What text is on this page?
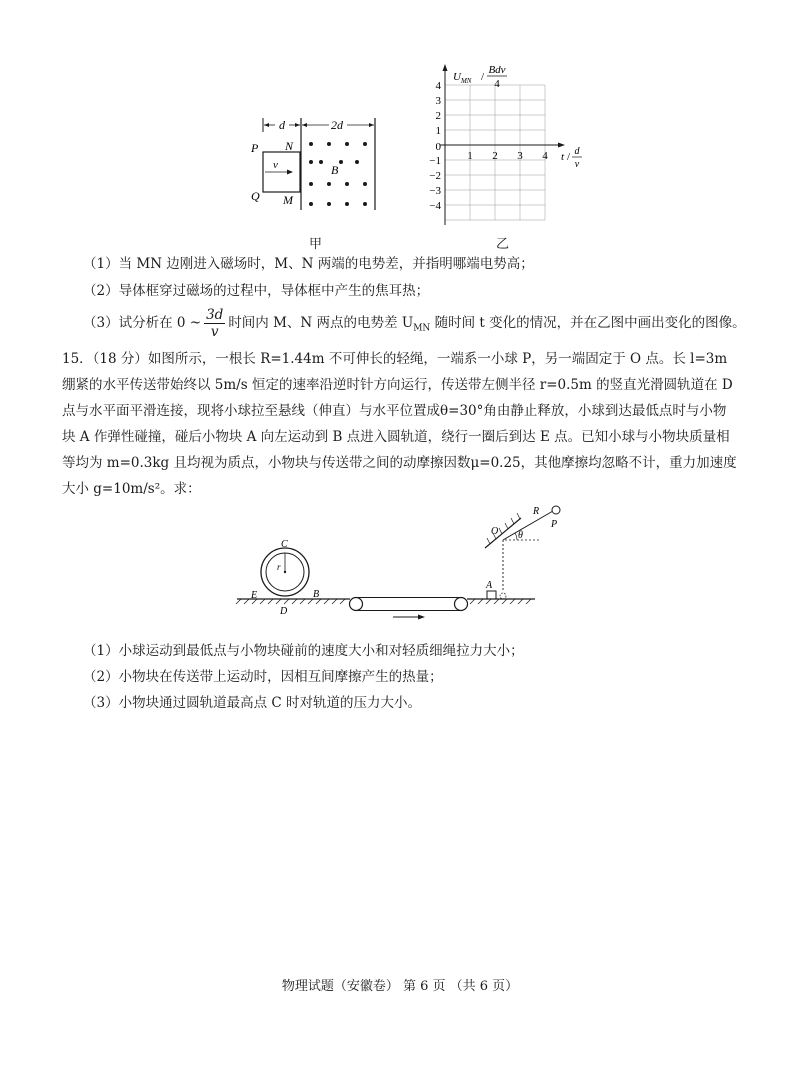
d	2d
v
P
Q
N
M
B
甲
4
3
2
1
0
−1
−2
−3
−4
1 2 3 4
$U_{MN}$ /
Bdv
4
t / d
v
乙
（1）当 MN 边刚进入磁场时，M、N 两端的电势差，并指明哪端电势高；
（2）导体框穿过磁场的过程中，导体框中产生的焦耳热；
（3）试分析在 0 ~ $\frac{3d}{v}$ 时间内 M、N 两点的电势差 $U_{MN}$ 随时间 t 变化的情况，并在乙图中画出变化的图像。
15．（18 分）如图所示，一根长 R=1.44m 不可伸长的轻绳，一端系一小球 P，另一端固定于 O 点。长 l=3m 绷紧的水平传送带始终以 5m/s 恒定的速率沿逆时针方向运行，传送带左侧半径 r=0.5m 的竖直光滑圆轨道在 D 点与水平面平滑连接，现将小球拉至悬线（伸直）与水平位置成θ=30°角由静止释放，小球到达最低点时与小物块 A 作弹性碰撞，碰后小物块 A 向左运动到 B 点进入圆轨道，绕行一圈后到达 E 点。已知小球与小物块质量相等均为 m=0.3kg 且均视为质点，小物块与传送带之间的动摩擦因数μ=0.25，其他摩擦均忽略不计，重力加速度大小 g=10m/s²。求：
C
r
E
D
B
A
O
R
P
θ
（1）小球运动到最低点与小物块碰前的速度大小和对轻质细绳拉力大小；
（2）小物块在传送带上运动时，因相互间摩擦产生的热量；
（3）小物块通过圆轨道最高点 C 时对轨道的压力大小。
物理试题（安徽卷） 第 6 页 （共 6 页）
